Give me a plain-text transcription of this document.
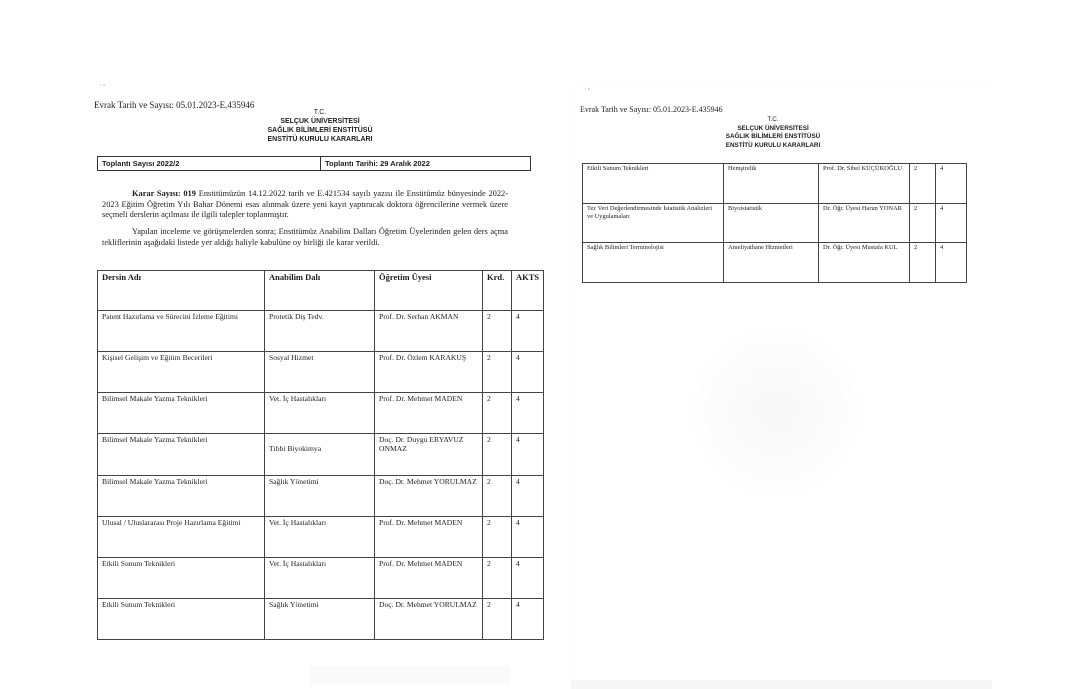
' °
Evrak Tarih ve Sayısı: 05.01.2023-E.435946
T.C.
SELÇUK ÜNİVERSİTESİ
SAĞLIK BİLİMLERİ ENSTİTÜSÜ
ENSTİTÜ KURULU KARARLARI
Toplantı Sayısı 2022/2	Toplantı Tarihi: 29 Aralık 2022
Karar Sayısı: 019 Enstitümüzün 14.12.2022 tarih ve E.421534 sayılı yazısı ile Enstitümüz bünyesinde 2022-2023 Eğitim Öğretim Yılı Bahar Dönemi esas alınmak üzere yeni kayıt yaptıracak doktora öğrencilerine vermek üzere seçmeli derslerin açılması ile ilgili talepler toplanmıştır.
Yapılan inceleme ve görüşmelerden sonra; Enstitümüz Anabilim Dalları Öğretim Üyelerinden gelen ders açma tekliflerinin aşağıdaki listede yer aldığı haliyle kabulüne oy birliği ile karar verildi.
Dersin Adı	Anabilim Dalı	Öğretim Üyesi	Krd.	AKTS
Patent Hazırlama ve Sürecini İzleme Eğitimi	Protetik Diş Tedv.	Prof. Dr. Serhan AKMAN	2	4
Kişisel Gelişim ve Eğitim Becerileri	Sosyal Hizmet	Prof. Dr. Özlem KARAKUŞ	2	4
Bilimsel Makale Yazma Teknikleri	Vet. İç Hastalıkları	Prof. Dr. Mehmet MADEN	2	4
Bilimsel Makale Yazma Teknikleri	Tıbbi Biyokimya	Doç. Dr. Duygu ERYAVUZ ONMAZ	2	4
Bilimsel Makale Yazma Teknikleri	Sağlık Yönetimi	Doç. Dr. Mehmet YORULMAZ	2	4
Ulusal / Uluslararası Proje Hazırlama Eğitimi	Vet. İç Hastalıkları	Prof. Dr. Mehmet MADEN	2	4
Etkili Sunum Teknikleri	Vet. İç Hastalıkları	Prof. Dr. Mehmet MADEN	2	4
Etkili Sunum Teknikleri	Sağlık Yönetimi	Doç. Dr. Mehmet YORULMAZ	2	4
' °
Evrak Tarih ve Sayısı: 05.01.2023-E.435946
T.C.
SELÇUK ÜNİVERSİTESİ
SAĞLIK BİLİMLERİ ENSTİTÜSÜ
ENSTİTÜ KURULU KARARLARI
Etkili Sunum Teknikleri	Hemşirelik	Prof. Dr. Sibel KÜÇÜKOĞLU	2	4
Tez Veri Değerlendirmesinde İstatistik Analizleri ve Uygulamaları	Biyoistatistik	Dr. Öğr. Üyesi Harun YONAR	2	4
Sağlık Bilimleri Terminolojisi	Ameliyathane Hizmetleri	Dr. Öğr. Üyesi Mustafa KUL	2	4
